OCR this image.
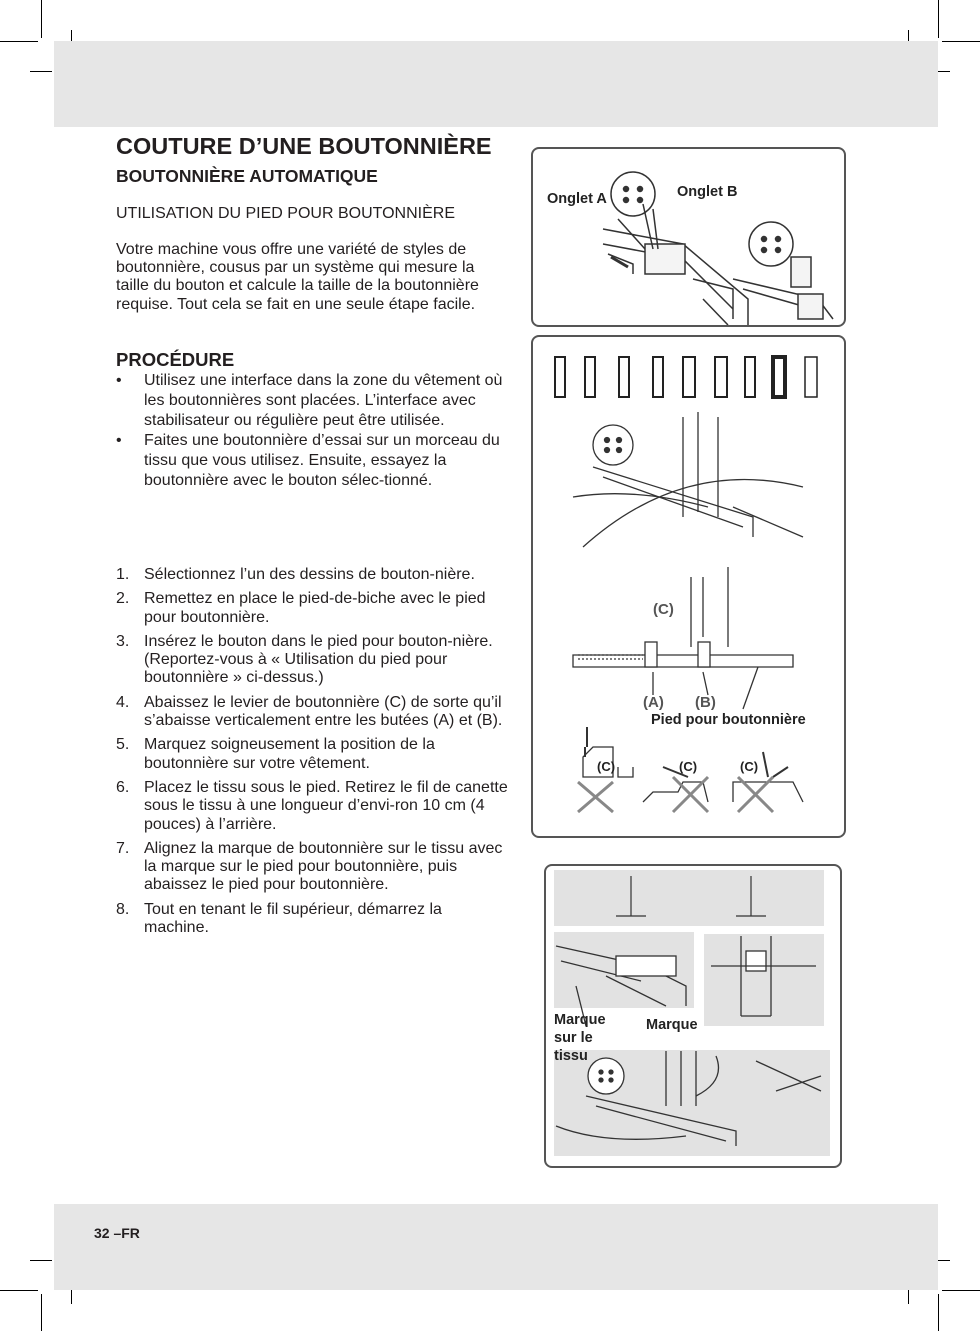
COUTURE D’UNE BOUTONNIÈRE
BOUTONNIÈRE AUTOMATIQUE
UTILISATION DU PIED POUR BOUTONNIÈRE
Votre machine vous offre une variété de styles de boutonnière, cousus par un système qui mesure la taille du bouton et calcule la taille de la boutonnière requise. Tout cela se fait en une seule étape facile.
PROCÉDURE
• Utilisez une interface dans la zone du vêtement où les boutonnières sont placées. L’interface avec stabilisateur ou régulière peut être utilisée.
• Faites une boutonnière d’essai sur un morceau du tissu que vous utilisez. Ensuite, essayez la boutonnière avec le bouton sélec-tionné.
1. Sélectionnez l’un des dessins de bouton-nière.
2. Remettez en place le pied-de-biche avec le pied pour boutonnière.
3. Insérez le bouton dans le pied pour bouton-nière. (Reportez-vous à « Utilisation du pied pour boutonnière » ci-dessus.)
4. Abaissez le levier de boutonnière (C) de sorte qu’il s’abaisse verticalement entre les butées (A) et (B).
5. Marquez soigneusement la position de la boutonnière sur votre vêtement.
6. Placez le tissu sous le pied. Retirez le fil de canette sous le tissu à une longueur d’envi-ron 10 cm (4 pouces) à l’arrière.
7. Alignez la marque de boutonnière sur le tissu avec la marque sur le pied pour boutonnière, puis abaissez le pied pour boutonnière.
8. Tout en tenant le fil supérieur, démarrez la machine.
Onglet A	Onglet B
(C)
(A) (B)
Pied pour boutonnière
(C)	(C)	(C)
Marque
sur le
tissu
Marque
32 –FR
